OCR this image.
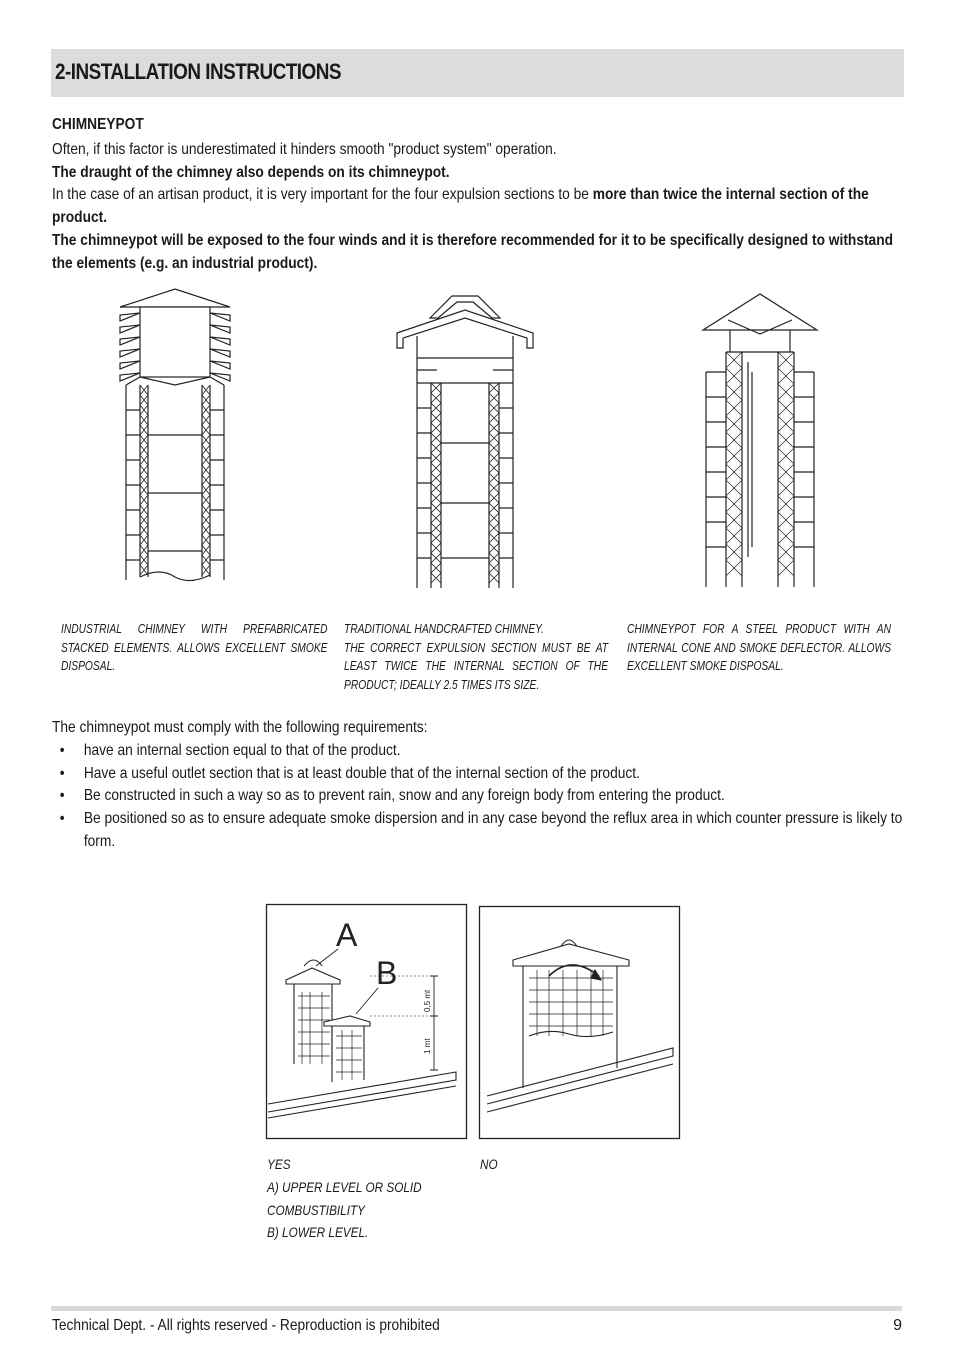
2-INSTALLATION INSTRUCTIONS
CHIMNEYPOT
Often, if this factor is underestimated it hinders smooth "product system" operation.
The draught of the chimney also depends on its chimneypot.
In the case of an artisan product, it is very important for the four expulsion sections to be more than twice the internal section of the product.
The chimneypot will be exposed to the four winds and it is therefore recommended for it to be specifically designed to withstand the elements (e.g. an industrial product).
INDUSTRIAL CHIMNEY WITH PREFABRICATED STACKED ELEMENTS. ALLOWS EXCELLENT SMOKE DISPOSAL.
TRADITIONAL HANDCRAFTED CHIMNEY.
THE CORRECT EXPULSION SECTION MUST BE AT LEAST TWICE THE INTERNAL SECTION OF THE PRODUCT; IDEALLY 2.5 TIMES ITS SIZE.
CHIMNEYPOT FOR A STEEL PRODUCT WITH AN INTERNAL CONE AND SMOKE DEFLECTOR. ALLOWS EXCELLENT SMOKE DISPOSAL.
The chimneypot must comply with the following requirements:
• have an internal section equal to that of the product.
• Have a useful outlet section that is at least double that of the internal section of the product.
• Be constructed in such a way so as to prevent rain, snow and any foreign body from entering the product.
• Be positioned so as to ensure adequate smoke dispersion and in any case beyond the reflux area in which counter pressure is likely to form.
A
B
0,5 mt
1 mt
YES
A) UPPER LEVEL OR SOLID
COMBUSTIBILITY
B) LOWER LEVEL.
NO
Technical Dept. - All rights reserved - Reproduction is prohibited	9
